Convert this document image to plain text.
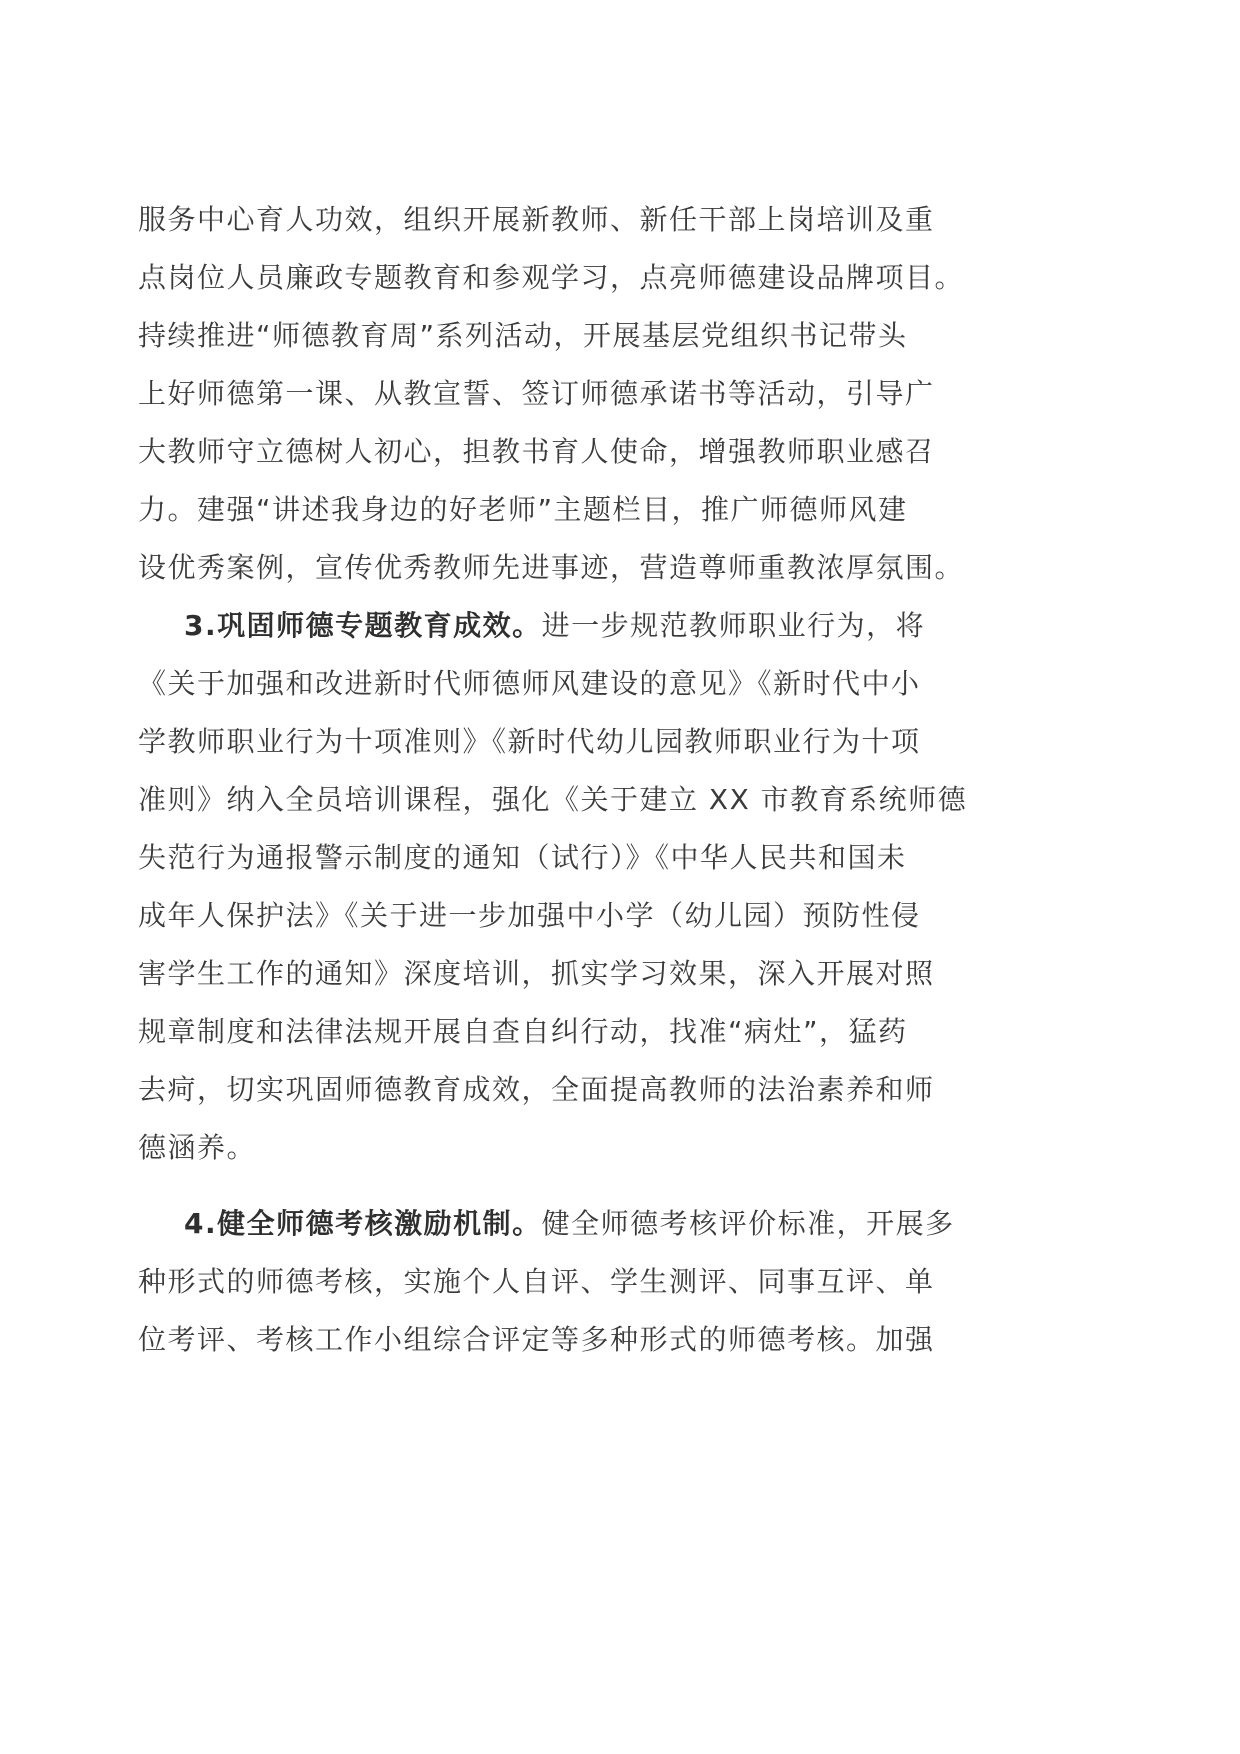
服务中心育人功效，组织开展新教师、新任干部上岗培训及重
点岗位人员廉政专题教育和参观学习，点亮师德建设品牌项目。
持续推进“师德教育周”系列活动，开展基层党组织书记带头
上好师德第一课、从教宣誓、签订师德承诺书等活动，引导广
大教师守立德树人初心，担教书育人使命，增强教师职业感召
力。建强“讲述我身边的好老师”主题栏目，推广师德师风建
设优秀案例，宣传优秀教师先进事迹，营造尊师重教浓厚氛围。
3.巩固师德专题教育成效。进一步规范教师职业行为，将
《关于加强和改进新时代师德师风建设的意见》《新时代中小
学教师职业行为十项准则》《新时代幼儿园教师职业行为十项
准则》纳入全员培训课程，强化《关于建立 XX 市教育系统师德
失范行为通报警示制度的通知（试行）》《中华人民共和国未
成年人保护法》《关于进一步加强中小学（幼儿园）预防性侵
害学生工作的通知》深度培训，抓实学习效果，深入开展对照
规章制度和法律法规开展自查自纠行动，找准“病灶”，猛药
去疴，切实巩固师德教育成效，全面提高教师的法治素养和师
德涵养。
4.健全师德考核激励机制。健全师德考核评价标准，开展多
种形式的师德考核，实施个人自评、学生测评、同事互评、单
位考评、考核工作小组综合评定等多种形式的师德考核。加强
